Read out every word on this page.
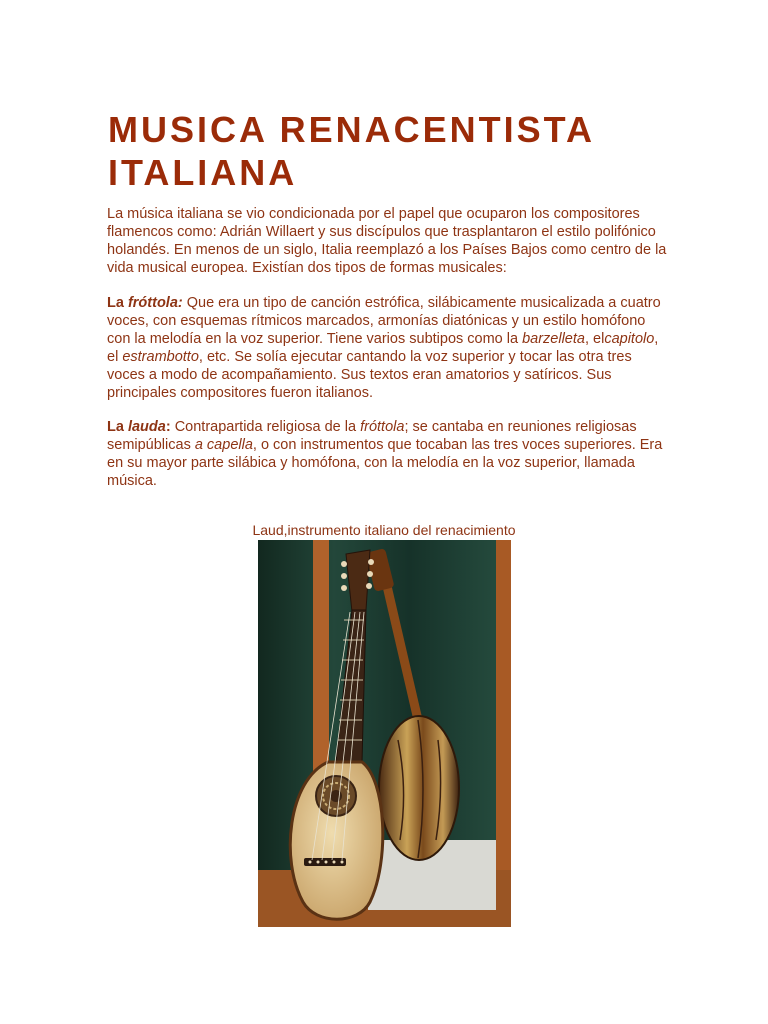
MUSICA RENACENTISTA ITALIANA

La música italiana se vio condicionada por el papel que ocuparon los compositores flamencos como: Adrián Willaert y sus discípulos que trasplantaron el estilo polifónico holandés. En menos de un siglo, Italia reemplazó a los Países Bajos como centro de la vida musical europea. Existían dos tipos de formas musicales:

La fróttola: Que era un tipo de canción estrófica, silábicamente musicalizada a cuatro voces, con esquemas rítmicos marcados, armonías diatónicas y un estilo homófono con la melodía en la voz superior. Tiene varios subtipos como la barzelleta, elcapitolo, el estrambotto, etc. Se solía ejecutar cantando la voz superior y tocar las otra tres voces a modo de acompañamiento. Sus textos eran amatorios y satíricos. Sus principales compositores fueron italianos.

La lauda: Contrapartida religiosa de la fróttola; se cantaba en reuniones religiosas semipúblicas a capella, o con instrumentos que tocaban las tres voces superiores. Era en su mayor parte silábica y homófona, con la melodía en la voz superior, llamada música.

Laud,instrumento italiano del renacimiento
